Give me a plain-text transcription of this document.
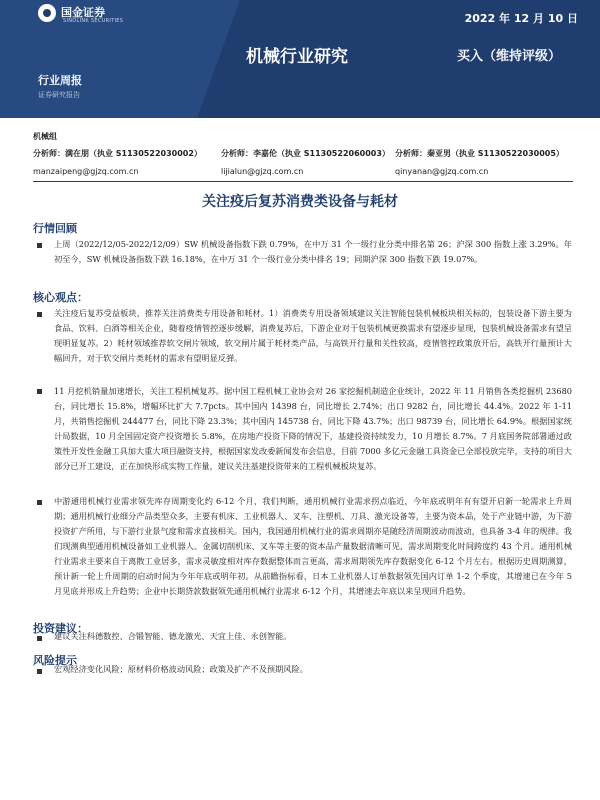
国金证券
SINOLINK SECURITIES	2022 年 12 月 10 日
机械行业研究	买入（维持评级）
行业周报
证券研究报告
机械组
分析师：满在朋（执业 S1130522030002） 分析师：李嘉伦（执业 S1130522060003） 分析师：秦亚男（执业 S1130522030005）
manzaipeng@gjzq.com.cn	lijialun@gjzq.com.cn	qinyanan@gjzq.com.cn
关注疫后复苏消费类设备与耗材
行情回顾
上周（2022/12/05-2022/12/09）SW 机械设备指数下跌 0.79%，在中万 31 个一级行业分类中排名第 26；沪深 300 指数上涨 3.29%。年初至今，SW 机械设备指数下跌 16.18%，在中万 31 个一级行业分类中排名 19；同期沪深 300 指数下跌 19.07%。
核心观点：
关注疫后复苏受益板块，推荐关注消费类专用设备和耗材。1）消费类专用设备领域建议关注智能包装机械板块相关标的，包装设备下游主要为食品、饮料、白酒等相关企业，随着疫情管控逐步缓解，消费复苏后，下游企业对于包装机械更换需求有望逐步显现，包装机械设备需求有望呈现明显复苏。2）耗材领域推荐软交闸片领域，软交闸片属于耗材类产品，与高铁开行量和关性较高，疫情管控政策放开后，高铁开行量预计大幅回升，对于软交闸片类耗材的需求有望明显反弹。
11 月挖机销量加速增长，关注工程机械复苏。据中国工程机械工业协会对 26 家挖掘机制造企业统计，2022 年 11 月销售各类挖掘机 23680 台，同比增长 15.8%，增幅环比扩大 7.7pcts。其中国内 14398 台，同比增长 2.74%；出口 9282 台，同比增长 44.4%。2022 年 1-11 月，共销售挖掘机 244477 台，同比下降 23.3%；其中国内 145738 台，同比下降 43.7%；出口 98739 台，同比增长 64.9%。根据国家统计局数据，10 月全国固定资产投资增长 5.8%，在房地产投资下降的情况下，基建投资持续发力，10 月增长 8.7%。7 月底国务院部署通过政策性开发性金融工具加大重大项目融资支持，根据国家发改委新闻发布会信息，目前 7000 多亿元金融工具资金已全部投放完毕，支持的项目大部分已开工建设，正在加快形成实物工作量，建议关注基建投资带来的工程机械板块复苏。
中游通用机械行业需求领先库存周期变化约 6-12 个月，我们判断，通用机械行业需求拐点临近，今年底或明年有有望开启新一轮需求上升周期；通用机械行业细分产品类型众多，主要有机床、工业机器人、叉车、注塑机、刀具、激光设备等，主要为资本品，处于产业链中游，为下游投资扩产所用，与下游行业景气度和需求直接相关。国内，我国通用机械行业的需求周期亦是随经济周期波动而波动，也具备 3-4 年的规律。我们现测典型通用机械设备如工业机器人、金属切削机床、叉车等主要的资本品产量数据清晰可见，需求周期变化时间跨度约 43 个月。通用机械行业需求主要来自于离散工业居多，需求灵敏度相对库存数据整体而言更高，需求周期领先库存数据变化 6-12 个月左右。根据历史周期测算，预计新一轮上升周期的启动时间为今年年底或明年初。从前瞻指标看，日本工业机器人订单数据领先国内订单 1-2 个季度，其增速已在今年 5 月见底并形成上升趋势；企业中长期贷款数据领先通用机械行业需求 6-12 个月，其增速去年底以来呈现回升趋势。
投资建议：
建议关注科德数控、合锻智能、德龙激光、天宜上佳、永创智能。
风险提示
宏观经济变化风险；原材料价格波动风险；政策及扩产不及预期风险。
